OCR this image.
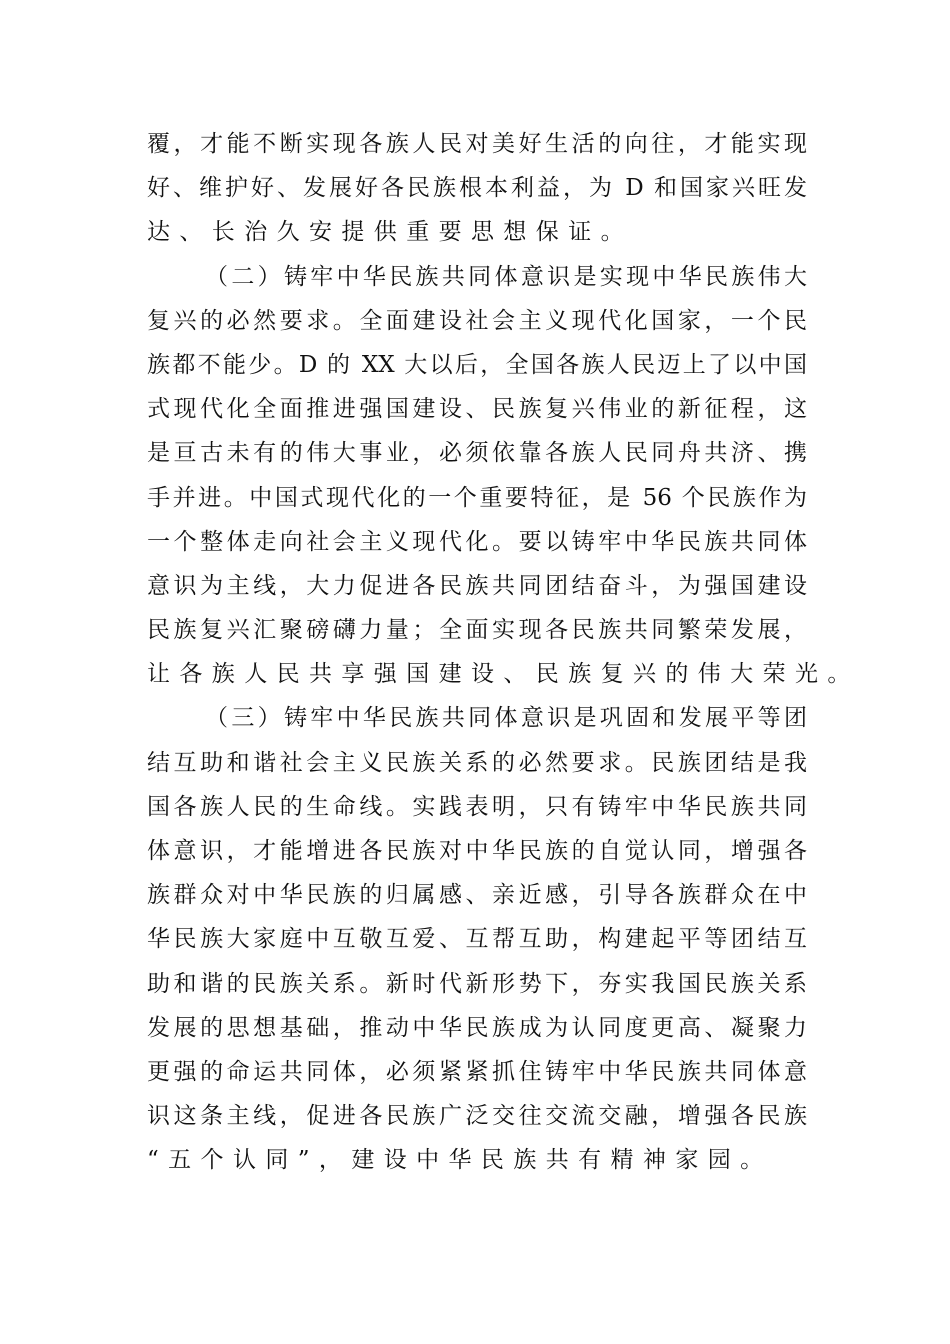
覆，才能不断实现各族人民对美好生活的向往，才能实现
好、维护好、发展好各民族根本利益，为 D 和国家兴旺发
达、长治久安提供重要思想保证。
（二）铸牢中华民族共同体意识是实现中华民族伟大
复兴的必然要求。全面建设社会主义现代化国家，一个民
族都不能少。D 的 XX 大以后，全国各族人民迈上了以中国
式现代化全面推进强国建设、民族复兴伟业的新征程，这
是亘古未有的伟大事业，必须依靠各族人民同舟共济、携
手并进。中国式现代化的一个重要特征，是 56 个民族作为
一个整体走向社会主义现代化。要以铸牢中华民族共同体
意识为主线，大力促进各民族共同团结奋斗，为强国建设
民族复兴汇聚磅礴力量；全面实现各民族共同繁荣发展，
让各族人民共享强国建设、民族复兴的伟大荣光。
（三）铸牢中华民族共同体意识是巩固和发展平等团
结互助和谐社会主义民族关系的必然要求。民族团结是我
国各族人民的生命线。实践表明，只有铸牢中华民族共同
体意识，才能增进各民族对中华民族的自觉认同，增强各
族群众对中华民族的归属感、亲近感，引导各族群众在中
华民族大家庭中互敬互爱、互帮互助，构建起平等团结互
助和谐的民族关系。新时代新形势下，夯实我国民族关系
发展的思想基础，推动中华民族成为认同度更高、凝聚力
更强的命运共同体，必须紧紧抓住铸牢中华民族共同体意
识这条主线，促进各民族广泛交往交流交融，增强各民族
“五个认同”，建设中华民族共有精神家园。
